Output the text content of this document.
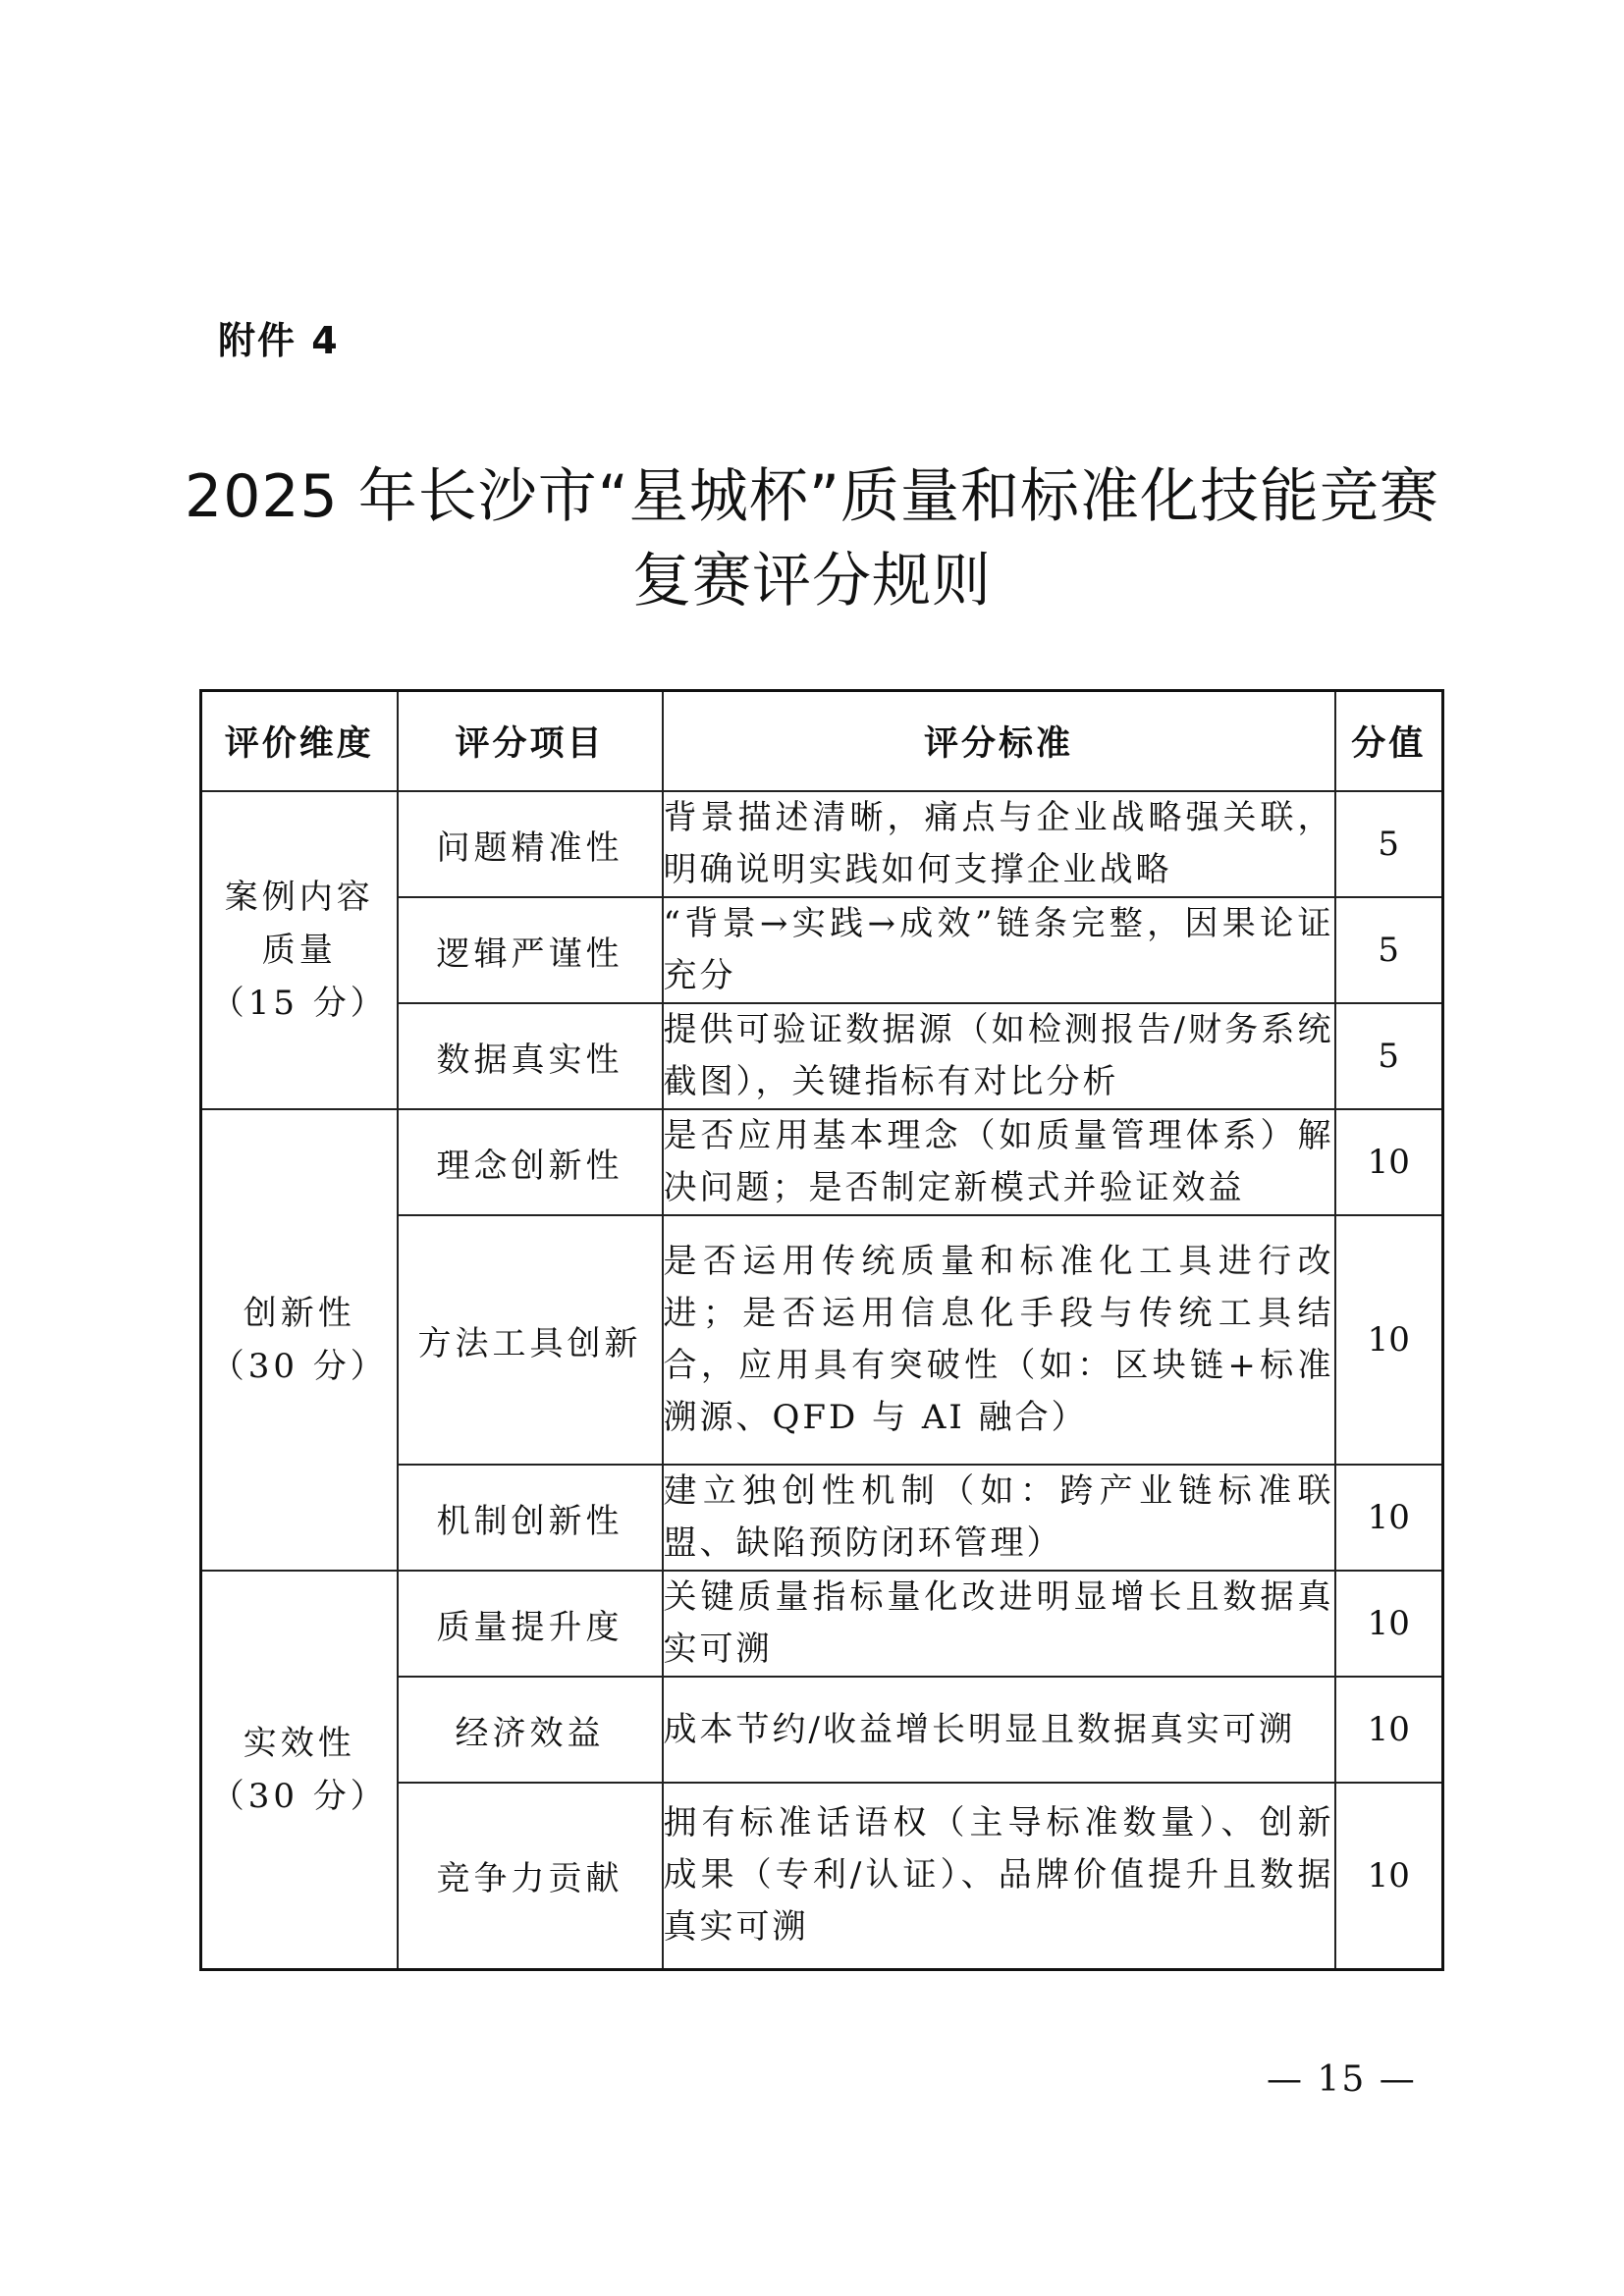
附件 4
2025 年长沙市“星城杯”质量和标准化技能竞赛
复赛评分规则
评价维度	评分项目	评分标准	分值

案例内容
质量
（15 分）	问题精准性	背景描述清晰，痛点与企业战略强关联，明确说明实践如何支撑企业战略	5
	逻辑严谨性	“背景→实践→成效”链条完整，因果论证充分	5
	数据真实性	提供可验证数据源（如检测报告/财务系统截图），关键指标有对比分析	5

创新性
（30 分）	理念创新性	是否应用基本理念（如质量管理体系）解决问题；是否制定新模式并验证效益	10
	方法工具创新	是否运用传统质量和标准化工具进行改进；是否运用信息化手段与传统工具结合，应用具有突破性（如：区块链+标准溯源、QFD 与 AI 融合）	10
	机制创新性	建立独创性机制（如：跨产业链标准联盟、缺陷预防闭环管理）	10

实效性
（30 分）	质量提升度	关键质量指标量化改进明显增长且数据真实可溯	10
	经济效益	成本节约/收益增长明显且数据真实可溯	10
	竞争力贡献	拥有标准话语权（主导标准数量）、创新成果（专利/认证）、品牌价值提升且数据真实可溯	10
— 15 —
